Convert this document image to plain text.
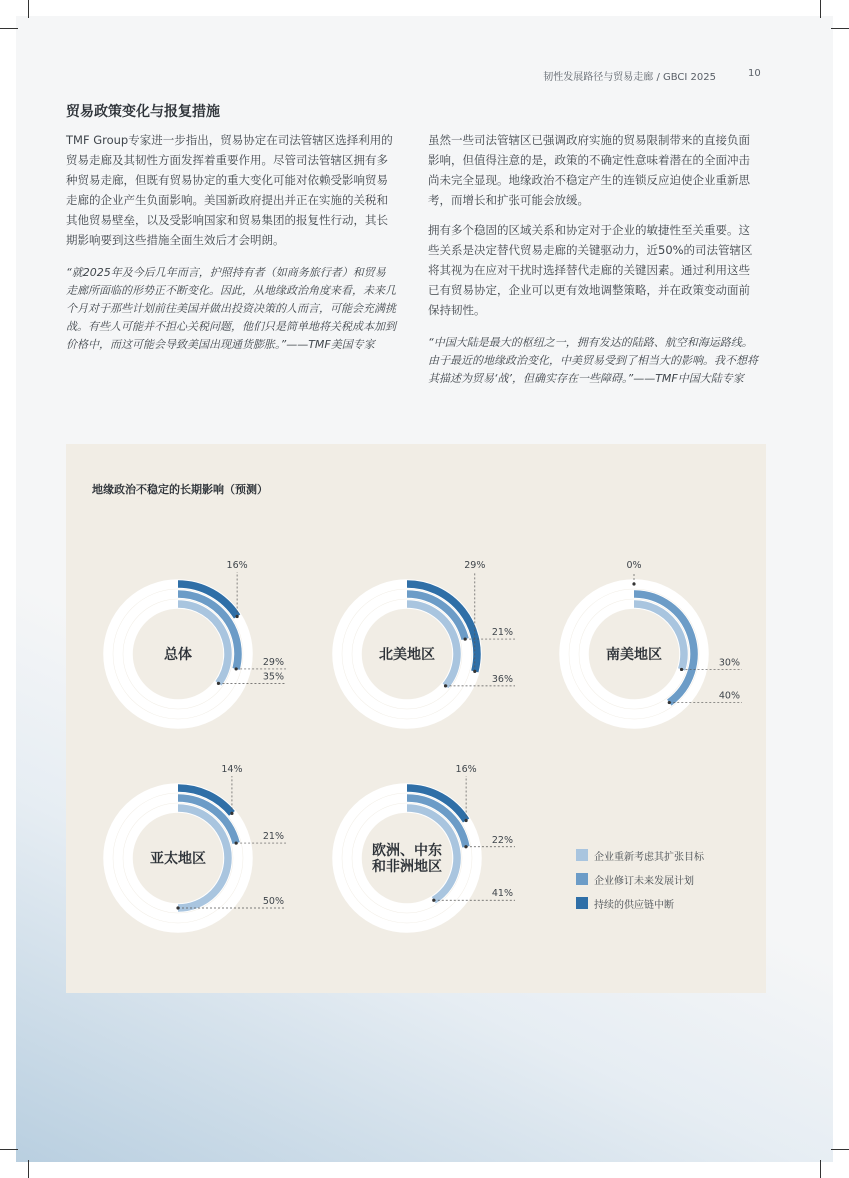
韧性发展路径与贸易走廊 / GBCI 2025	10
贸易政策变化与报复措施

TMF Group专家进一步指出，贸易协定在司法管辖区选择利用的贸易走廊及其韧性方面发挥着重要作用。尽管司法管辖区拥有多种贸易走廊，但既有贸易协定的重大变化可能对依赖受影响贸易走廊的企业产生负面影响。美国新政府提出并正在实施的关税和其他贸易壁垒，以及受影响国家和贸易集团的报复性行动，其长期影响要到这些措施全面生效后才会明朗。

“就2025年及今后几年而言，护照持有者（如商务旅行者）和贸易走廊所面临的形势正不断变化。因此，从地缘政治角度来看，未来几个月对于那些计划前往美国并做出投资决策的人而言，可能会充满挑战。有些人可能并不担心关税问题，他们只是简单地将关税成本加到价格中，而这可能会导致美国出现通货膨胀。”——TMF美国专家

虽然一些司法管辖区已强调政府实施的贸易限制带来的直接负面影响，但值得注意的是，政策的不确定性意味着潜在的全面冲击尚未完全显现。地缘政治不稳定产生的连锁反应迫使企业重新思考，而增长和扩张可能会放缓。

拥有多个稳固的区域关系和协定对于企业的敏捷性至关重要。这些关系是决定替代贸易走廊的关键驱动力，近50%的司法管辖区将其视为在应对干扰时选择替代走廊的关键因素。通过利用这些已有贸易协定，企业可以更有效地调整策略，并在政策变动面前保持韧性。

“中国大陆是最大的枢纽之一，拥有发达的陆路、航空和海运路线。由于最近的地缘政治变化，中美贸易受到了相当大的影响。我不想将其描述为贸易‘战’，但确实存在一些障碍。”——TMF中国大陆专家

地缘政治不稳定的长期影响（预测）
16%
29%
35%
总体
29%
21%
36%
北美地区
0%
40%
30%
南美地区
14%
21%
50%
亚太地区
16%
22%
41%
欧洲、中东
和非洲地区
企业重新考虑其扩张目标
企业修订未来发展计划
持续的供应链中断
